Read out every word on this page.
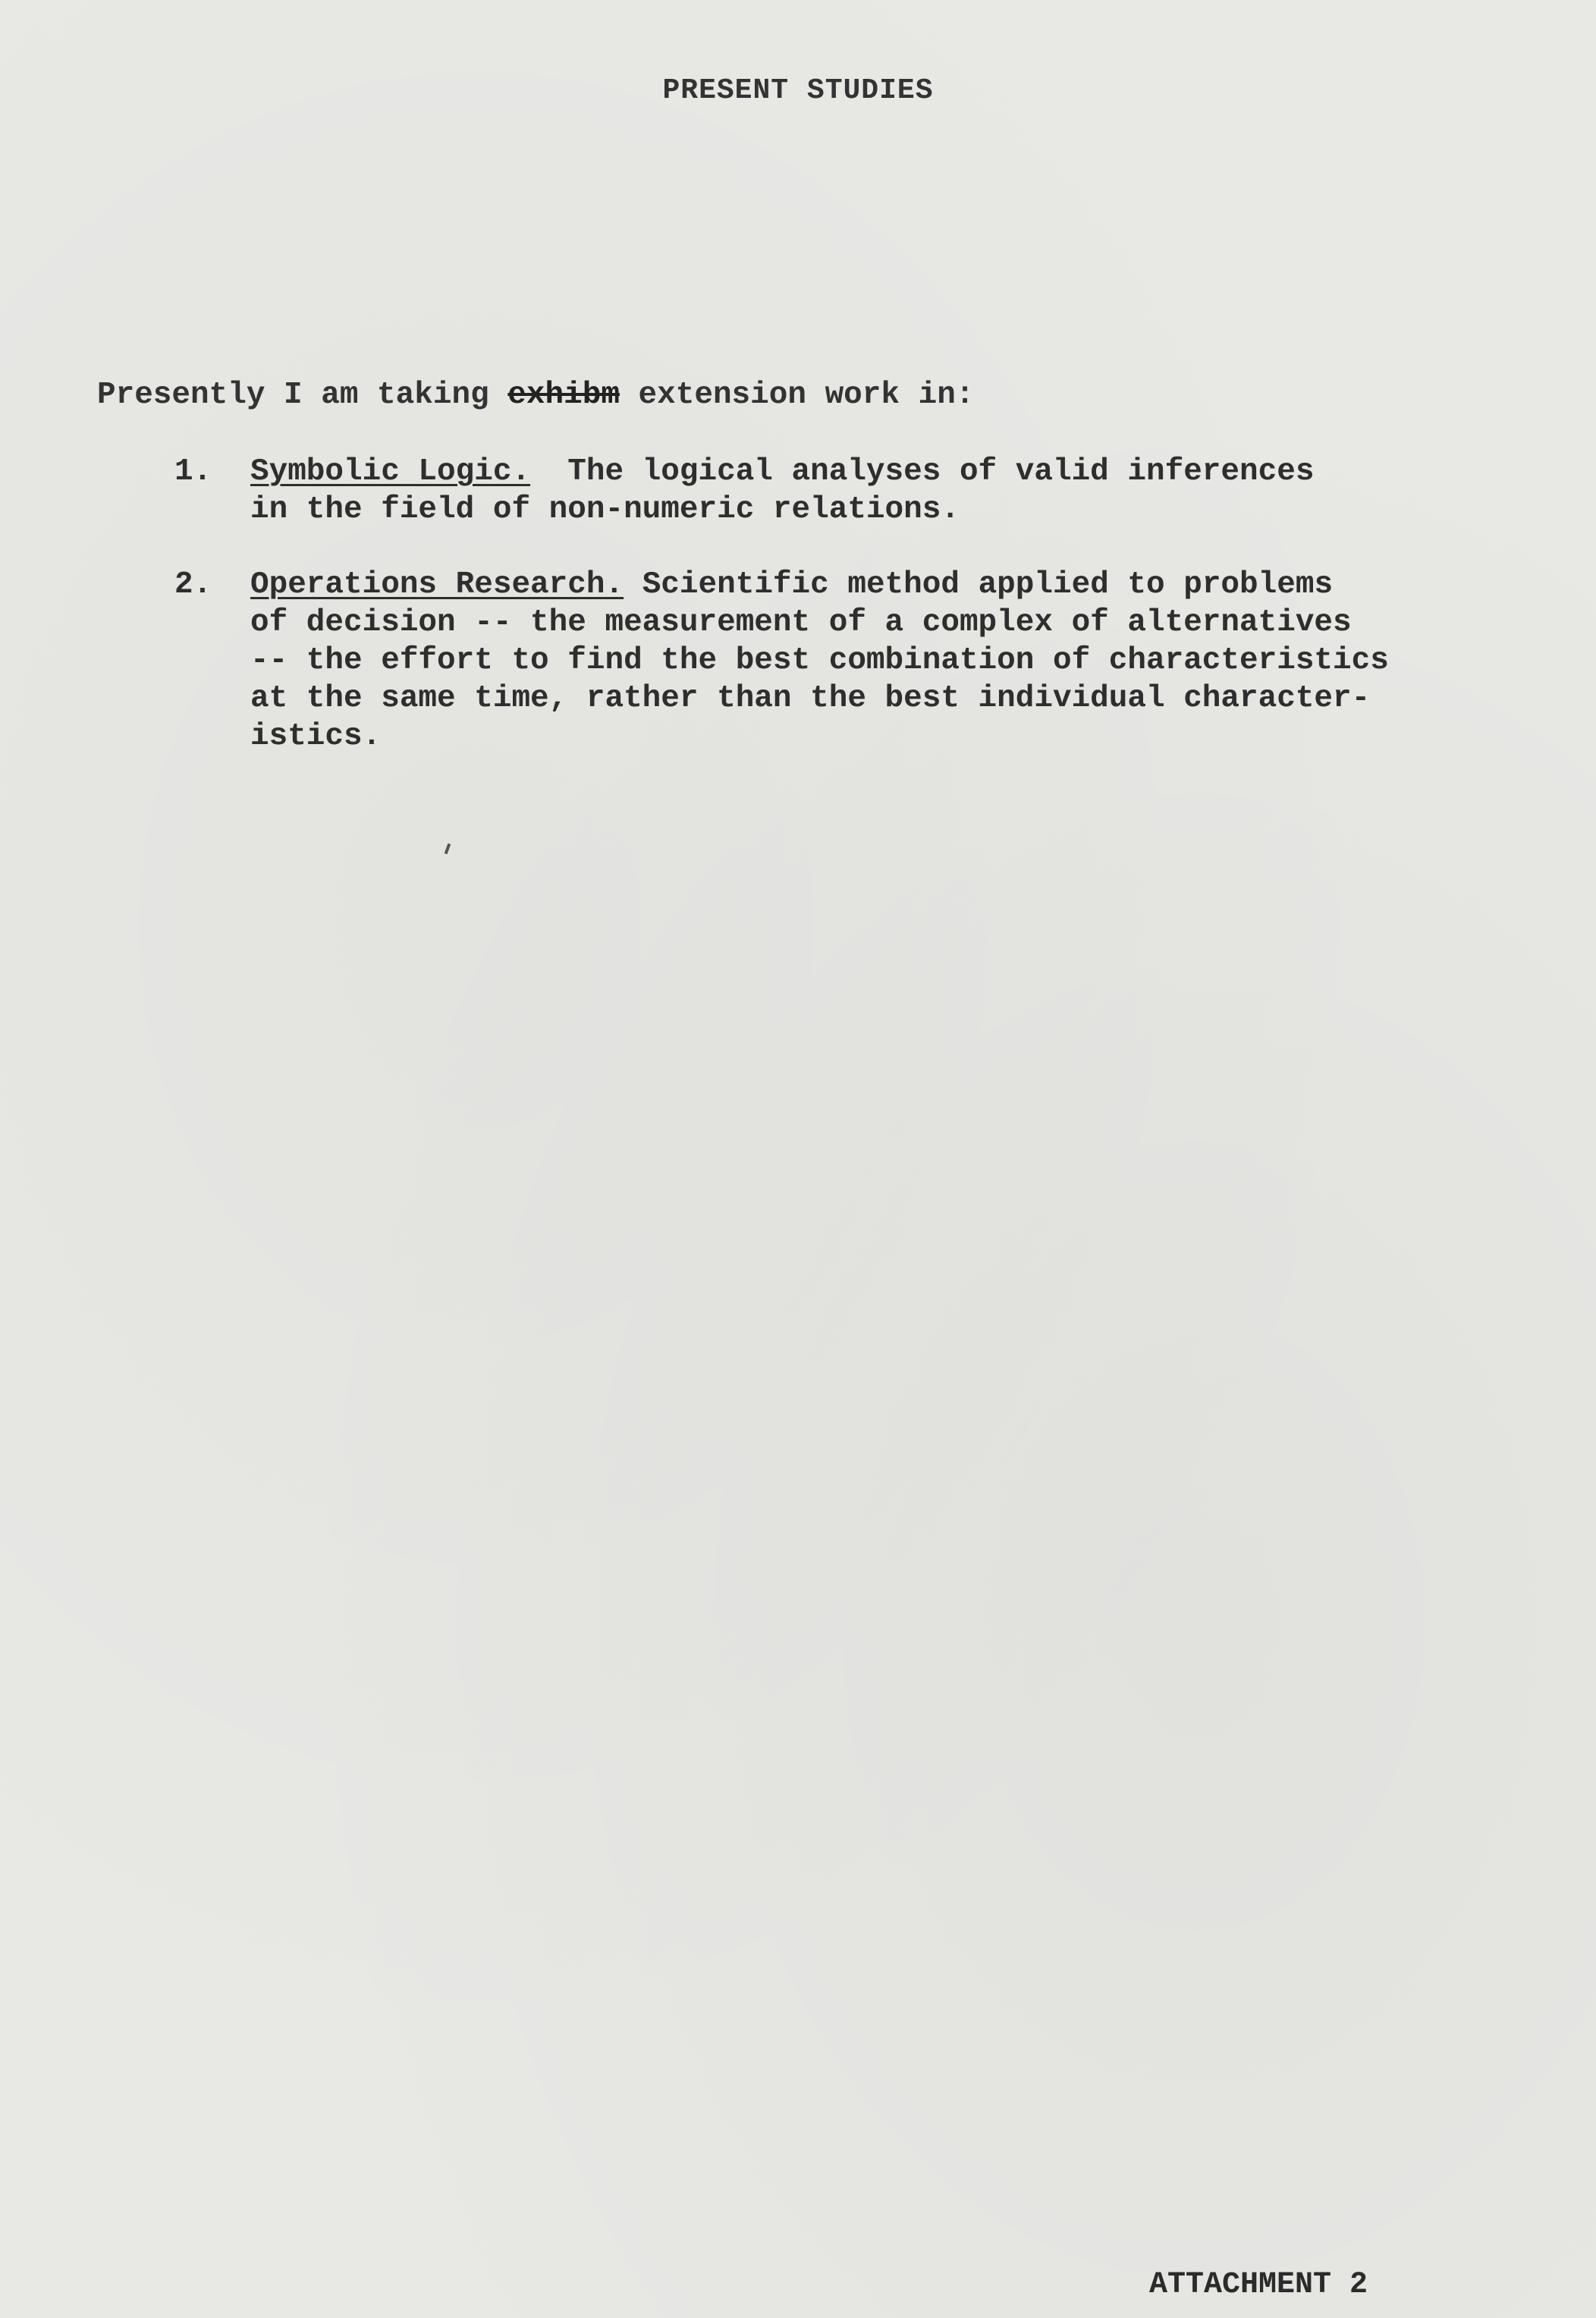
PRESENT STUDIES
Presently I am taking exhibm extension work in:
1. Symbolic Logic.  The logical analyses of valid inferences
in the field of non-numeric relations.
2. Operations Research. Scientific method applied to problems
of decision -- the measurement of a complex of alternatives
-- the effort to find the best combination of characteristics
at the same time, rather than the best individual character-
istics.
ATTACHMENT 2
